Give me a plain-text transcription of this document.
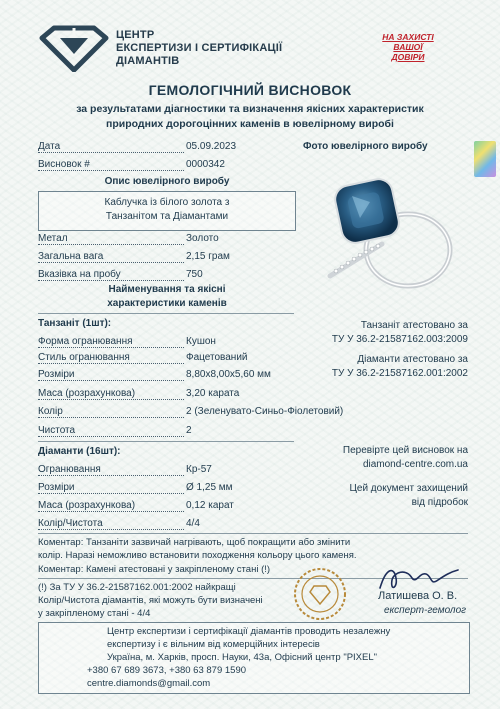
ЦЕНТР
ЕКСПЕРТИЗИ І СЕРТИФІКАЦІЇ
ДІАМАНТІВ
НА ЗАХИСТІ
ВАШОЇ
ДОВІРИ
ГЕМОЛОГІЧНИЙ ВИСНОВОК
за результатами діагностики та визначення якісних характеристик
природних дорогоцінних каменів в ювелірному виробі
Дата	05.09.2023
Висновок #	0000342
Фото ювелірного виробу
Опис ювелірного виробу
Каблучка із білого золота з
Танзанітом та Діамантами
Метал	Золото
Загальна вага	2,15 грам
Вказівка на пробу	750
Найменування та якісні
характеристики каменів
Танзаніт (1шт):
Форма огранювання	Кушон
Стиль огранювання	Фацетований
Розміри	8,80х8,00х5,60 мм
Маса (розрахункова)	3,20 карата
Колір	2 (Зеленувато-Синьо-Фіолетовий)
Чистота	2
Танзаніт атестовано за
ТУ У 36.2-21587162.003:2009
Діаманти атестовано за
ТУ У 36.2-21587162.001:2002
Діаманти (16шт):
Огранювання	Кр-57
Розміри	Ø 1,25 мм
Маса (розрахункова)	0,12 карат
Колір/Чистота	4/4
Перевірте цей висновок на
diamond-centre.com.ua
Цей документ захищений
від підробок
Коментар: Танзаніти зазвичай нагрівають, щоб покращити або змінити
колір. Наразі неможливо встановити походження кольору цього каменя.
Коментар: Камені атестовані у закріпленому стані (!)
(!) За ТУ У 36.2-21587162.001:2002 найкращі
Колір/Чистота діамантів, які можуть бути визначені
у закріпленому стані - 4/4
Латишева О. В.
експерт-гемолог
Центр експертизи і сертифікації діамантів проводить незалежну
експертизу і є вільним від комерційних інтересів
Україна, м. Харків, просп. Науки, 43а, Офісний центр "PIXEL"
+380 67 689 3673, +380 63 879 1590
centre.diamonds@gmail.com
